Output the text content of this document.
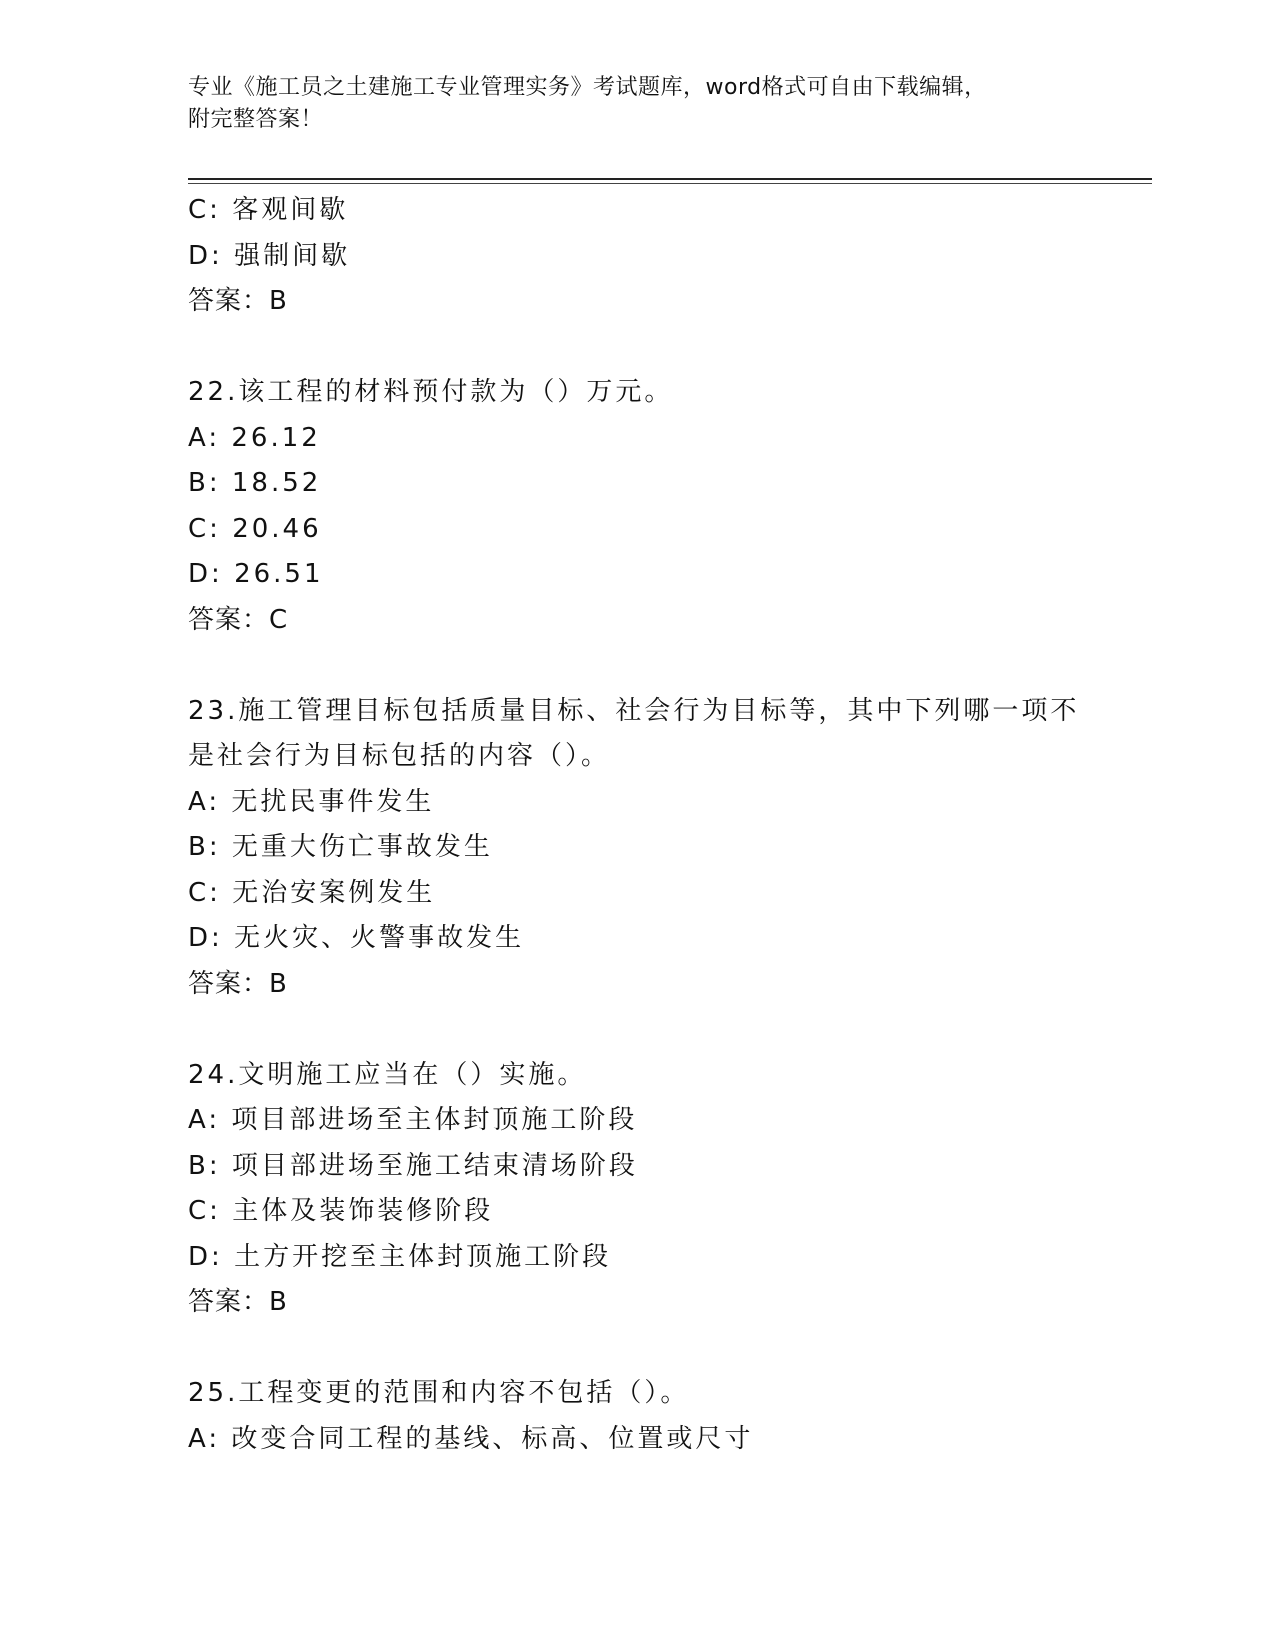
专业《施工员之土建施工专业管理实务》考试题库，word格式可自由下载编辑，
附完整答案！
C: 客观间歇
D: 强制间歇
答案：B
22.该工程的材料预付款为（）万元。
A: 26.12
B: 18.52
C: 20.46
D: 26.51
答案：C
23.施工管理目标包括质量目标、社会行为目标等，其中下列哪一项不
是社会行为目标包括的内容（）。
A: 无扰民事件发生
B: 无重大伤亡事故发生
C: 无治安案例发生
D: 无火灾、火警事故发生
答案：B
24.文明施工应当在（）实施。
A: 项目部进场至主体封顶施工阶段
B: 项目部进场至施工结束清场阶段
C: 主体及装饰装修阶段
D: 土方开挖至主体封顶施工阶段
答案：B
25.工程变更的范围和内容不包括（）。
A: 改变合同工程的基线、标高、位置或尺寸
